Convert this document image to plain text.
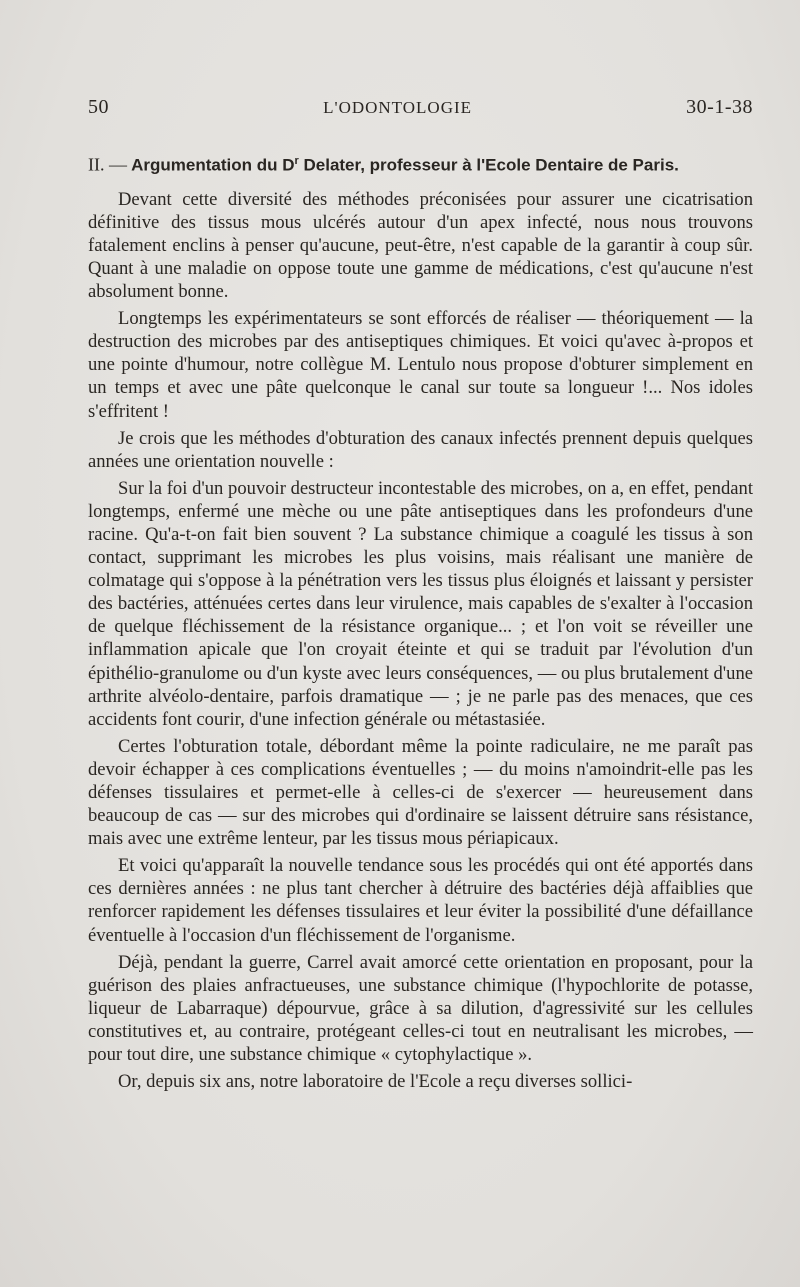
50	L'ODONTOLOGIE	30-1-38

II. — Argumentation du $D^r$ Delater, professeur à l'Ecole Dentaire de Paris.

Devant cette diversité des méthodes préconisées pour assurer une cicatrisation définitive des tissus mous ulcérés autour d'un apex infecté, nous nous trouvons fatalement enclins à penser qu'aucune, peut-être, n'est capable de la garantir à coup sûr. Quant à une maladie on oppose toute une gamme de médications, c'est qu'aucune n'est absolument bonne.

Longtemps les expérimentateurs se sont efforcés de réaliser — théoriquement — la destruction des microbes par des antiseptiques chimiques. Et voici qu'avec à-propos et une pointe d'humour, notre collègue M. Lentulo nous propose d'obturer simplement en un temps et avec une pâte quelconque le canal sur toute sa longueur !... Nos idoles s'effritent !

Je crois que les méthodes d'obturation des canaux infectés prennent depuis quelques années une orientation nouvelle :

Sur la foi d'un pouvoir destructeur incontestable des microbes, on a, en effet, pendant longtemps, enfermé une mèche ou une pâte antiseptiques dans les profondeurs d'une racine. Qu'a-t-on fait bien souvent ? La substance chimique a coagulé les tissus à son contact, supprimant les microbes les plus voisins, mais réalisant une manière de colmatage qui s'oppose à la pénétration vers les tissus plus éloignés et laissant y persister des bactéries, atténuées certes dans leur virulence, mais capables de s'exalter à l'occasion de quelque fléchissement de la résistance organique... ; et l'on voit se réveiller une inflammation apicale que l'on croyait éteinte et qui se traduit par l'évolution d'un épithélio-granulome ou d'un kyste avec leurs conséquences, — ou plus brutalement d'une arthrite alvéolo-dentaire, parfois dramatique — ; je ne parle pas des menaces, que ces accidents font courir, d'une infection générale ou métastasiée.

Certes l'obturation totale, débordant même la pointe radiculaire, ne me paraît pas devoir échapper à ces complications éventuelles ; — du moins n'amoindrit-elle pas les défenses tissulaires et permet-elle à celles-ci de s'exercer — heureusement dans beaucoup de cas — sur des microbes qui d'ordinaire se laissent détruire sans résistance, mais avec une extrême lenteur, par les tissus mous périapicaux.

Et voici qu'apparaît la nouvelle tendance sous les procédés qui ont été apportés dans ces dernières années : ne plus tant chercher à détruire des bactéries déjà affaiblies que renforcer rapidement les défenses tissulaires et leur éviter la possibilité d'une défaillance éventuelle à l'occasion d'un fléchissement de l'organisme.

Déjà, pendant la guerre, Carrel avait amorcé cette orientation en proposant, pour la guérison des plaies anfractueuses, une substance chimique (l'hypochlorite de potasse, liqueur de Labarraque) dépourvue, grâce à sa dilution, d'agressivité sur les cellules constitutives et, au contraire, protégeant celles-ci tout en neutralisant les microbes, — pour tout dire, une substance chimique « cytophylactique ».

Or, depuis six ans, notre laboratoire de l'Ecole a reçu diverses sollici-
